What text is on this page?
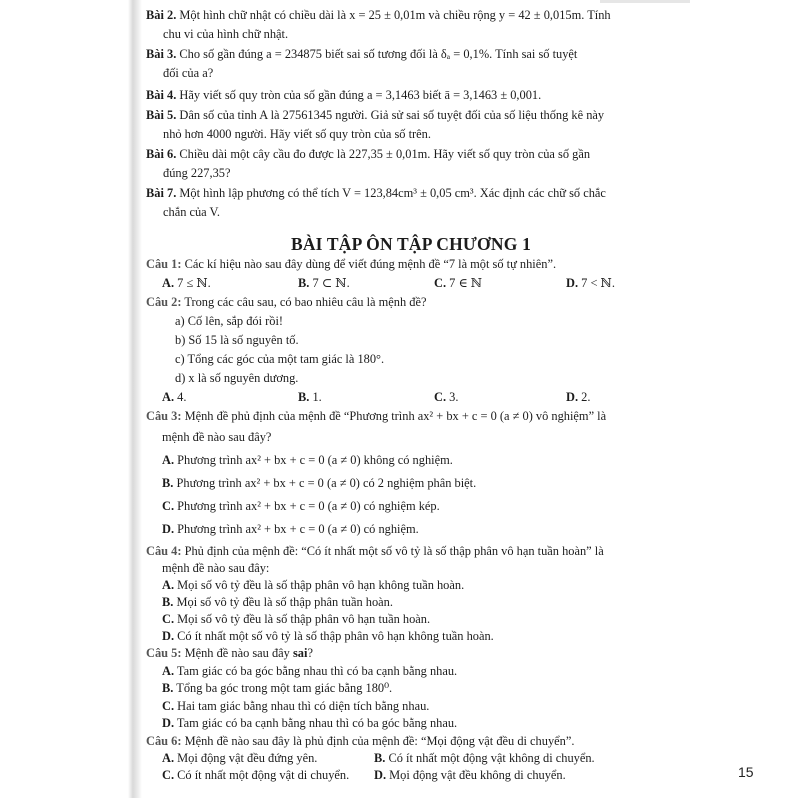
Bài 2. Một hình chữ nhật có chiều dài là x = 25 ± 0,01m và chiều rộng y = 42 ± 0,015m. Tính
chu vi của hình chữ nhật.
Bài 3. Cho số gần đúng a = 234875 biết sai số tương đối là δₐ = 0,1%. Tính sai số tuyệt
đối của a?
Bài 4. Hãy viết số quy tròn của số gần đúng a = 3,1463 biết ā = 3,1463 ± 0,001.
Bài 5. Dân số của tỉnh A là 27561345 người. Giả sử sai số tuyệt đối của số liệu thống kê này
nhỏ hơn 4000 người. Hãy viết số quy tròn của số trên.
Bài 6. Chiều dài một cây cầu đo được là 227,35 ± 0,01m. Hãy viết số quy tròn của số gần
đúng 227,35?
Bài 7. Một hình lập phương có thể tích V = 123,84cm³ ± 0,05 cm³. Xác định các chữ số chắc
chắn của V.
BÀI TẬP ÔN TẬP CHƯƠNG 1
Câu 1: Các kí hiệu nào sau đây dùng để viết đúng mệnh đề “7 là một số tự nhiên”.
A. 7 ≤ ℕ.	B. 7 ⊂ ℕ.	C. 7 ∈ ℕ	D. 7 < ℕ.
Câu 2: Trong các câu sau, có bao nhiêu câu là mệnh đề?
a) Cố lên, sắp đói rồi!
b) Số 15 là số nguyên tố.
c) Tổng các góc của một tam giác là 180°.
d) x là số nguyên dương.
A. 4.	B. 1.	C. 3.	D. 2.
Câu 3: Mệnh đề phủ định của mệnh đề “Phương trình ax² + bx + c = 0 (a ≠ 0) vô nghiệm” là
mệnh đề nào sau đây?
A. Phương trình ax² + bx + c = 0 (a ≠ 0) không có nghiệm.
B. Phương trình ax² + bx + c = 0 (a ≠ 0) có 2 nghiệm phân biệt.
C. Phương trình ax² + bx + c = 0 (a ≠ 0) có nghiệm kép.
D. Phương trình ax² + bx + c = 0 (a ≠ 0) có nghiệm.
Câu 4: Phủ định của mệnh đề: “Có ít nhất một số vô tỷ là số thập phân vô hạn tuần hoàn” là
mệnh đề nào sau đây:
A. Mọi số vô tỷ đều là số thập phân vô hạn không tuần hoàn.
B. Mọi số vô tỷ đều là số thập phân tuần hoàn.
C. Mọi số vô tỷ đều là số thập phân vô hạn tuần hoàn.
D. Có ít nhất một số vô tỷ là số thập phân vô hạn không tuần hoàn.
Câu 5: Mệnh đề nào sau đây sai?
A. Tam giác có ba góc bằng nhau thì có ba cạnh bằng nhau.
B. Tổng ba góc trong một tam giác bằng 180⁰.
C. Hai tam giác bằng nhau thì có diện tích bằng nhau.
D. Tam giác có ba cạnh bằng nhau thì có ba góc bằng nhau.
Câu 6: Mệnh đề nào sau đây là phủ định của mệnh đề: “Mọi động vật đều di chuyển”.
A. Mọi động vật đều đứng yên.	B. Có ít nhất một động vật không di chuyển.
C. Có ít nhất một động vật di chuyển.	D. Mọi động vật đều không di chuyển.	15
